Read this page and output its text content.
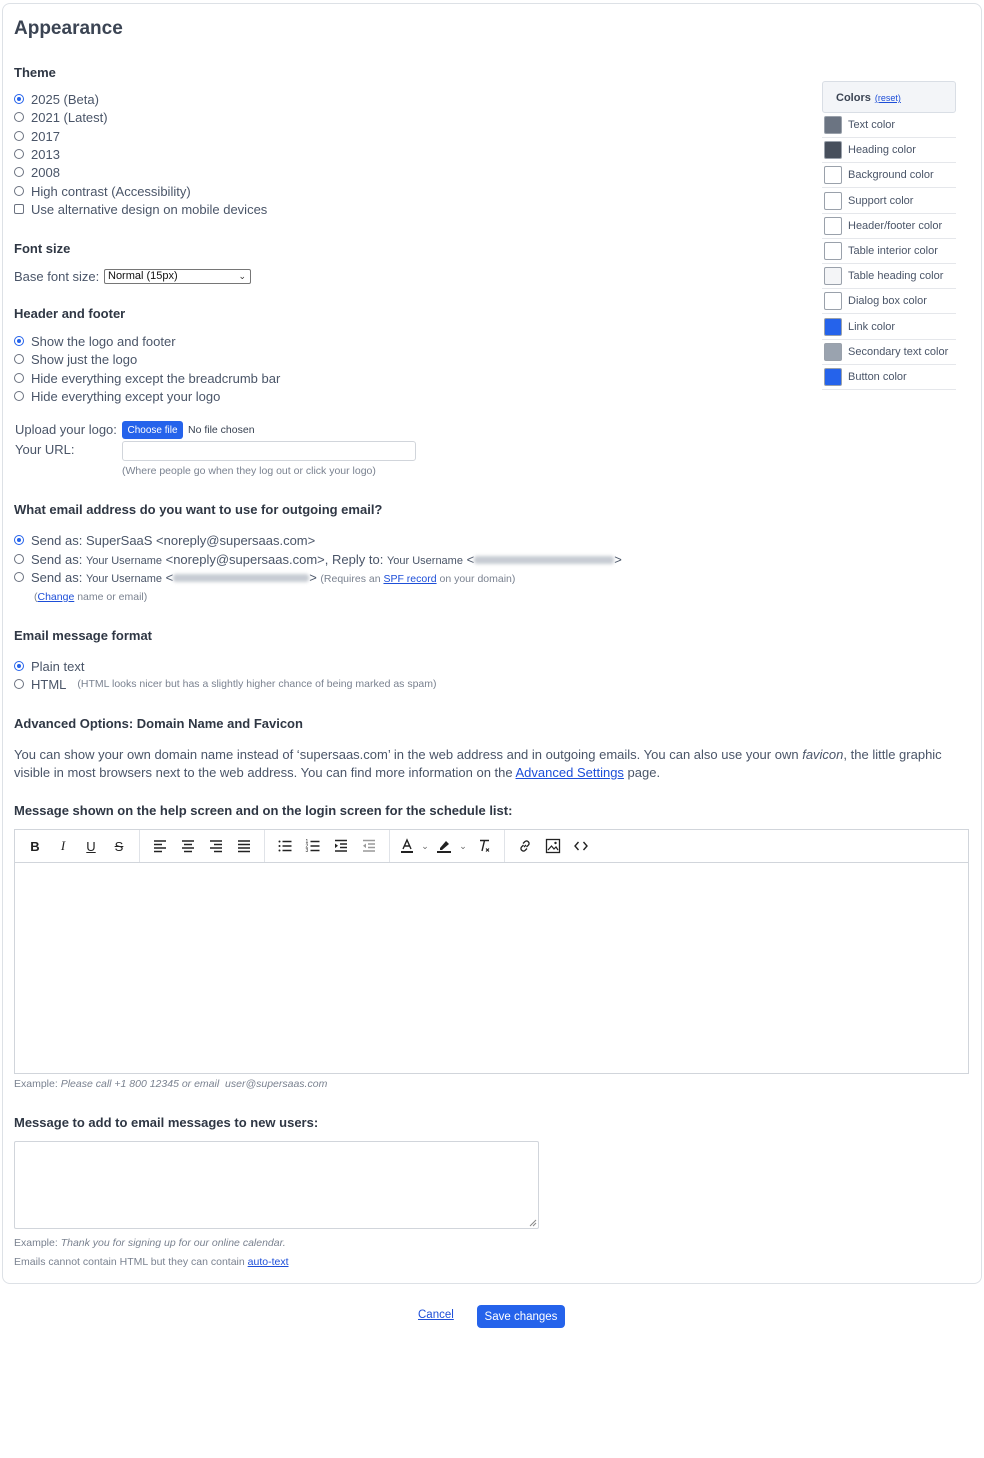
Appearance
Theme
2025 (Beta)
2021 (Latest)
2017
2013
2008
High contrast (Accessibility)
Use alternative design on mobile devices
Font size
Base font size: Normal (15px)	⌄
Header and footer
Show the logo and footer
Show just the logo
Hide everything except the breadcrumb bar
Hide everything except your logo
Upload your logo:	Choose file No file chosen
Your URL:
(Where people go when they log out or click your logo)
What email address do you want to use for outgoing email?
Send as: SuperSaaS <noreply@supersaas.com>
Send as: Your Username <noreply@supersaas.com>, Reply to: Your Username <	>
Send as: Your Username <	> (Requires an SPF record on your domain)
(Change name or email)
Email message format
Plain text
HTML (HTML looks nicer but has a slightly higher chance of being marked as spam)
Advanced Options: Domain Name and Favicon
You can show your own domain name instead of ‘supersaas.com’ in the web address and in outgoing emails. You can also use your own favicon, the little graphic
visible in most browsers next to the web address. You can find more information on the Advanced Settings page.
Message shown on the help screen and on the login screen for the schedule list:
B	I	U	S	1
2
3
⌄	⌄
Example: Please call +1 800 12345 or email user@supersaas.com
Message to add to email messages to new users:
Example: Thank you for signing up for our online calendar.
Emails cannot contain HTML but they can contain auto-text
Colors (reset)
Text color
Heading color
Background color
Support color
Header/footer color
Table interior color
Table heading color
Dialog box color
Link color
Secondary text color
Button color
Cancel	Save changes
